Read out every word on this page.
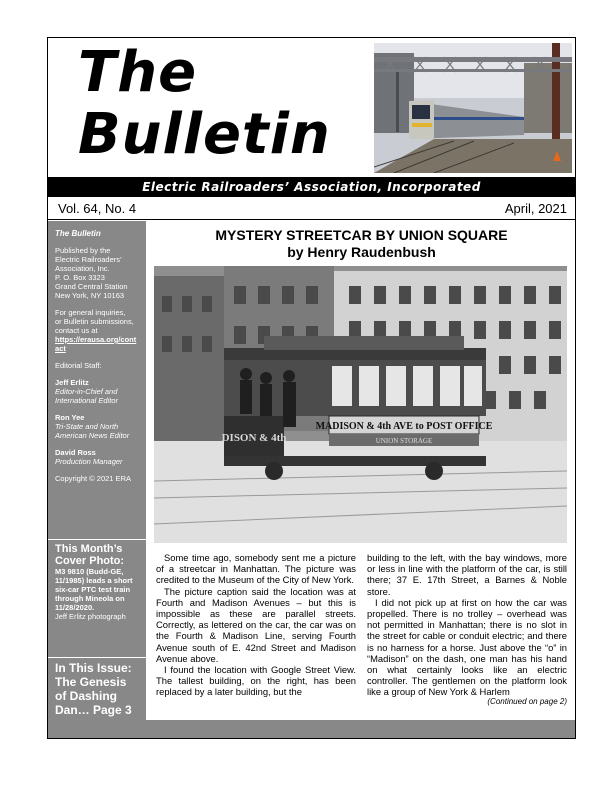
The
Bulletin
Electric Railroaders’ Association, Incorporated
Vol. 64, No. 4	April, 2021
The Bulletin
Published by the
Electric Railroaders’
Association, Inc.
P. O. Box 3323
Grand Central Station
New York, NY 10163
For general inquiries,
or Bulletin submissions,
contact us at
https://erausa.org/contact
Editorial Staff:
Jeff Erlitz
Editor-in-Chief and International Editor
Ron Yee
Tri-State and North American News Editor
David Ross
Production Manager
Copyright © 2021 ERA
This Month’s Cover Photo:
M3 9810 (Budd-GE, 11/1985) leads a short six-car PTC test train through Mineola on 11/28/2020.
Jeff Erlitz photograph
In This Issue:
The Genesis of Dashing Dan… Page 3
MYSTERY STREETCAR BY UNION SQUARE
by Henry Raudenbush
MADISON & 4th AVE to POST OFFICE
UNION STORAGE
DISON & 4th

Some time ago, somebody sent me a picture of a streetcar in Manhattan. The picture was credited to the Museum of the City of New York.

The picture caption said the location was at Fourth and Madison Avenues – but this is impossible as these are parallel streets. Correctly, as lettered on the car, the car was on the Fourth & Madison Line, serving Fourth Avenue south of E. 42nd Street and Madison Avenue above.

I found the location with Google Street View. The tallest building, on the right, has been replaced by a later building, but the

building to the left, with the bay windows, more or less in line with the platform of the car, is still there; 37 E. 17th Street, a Barnes & Noble store.

I did not pick up at first on how the car was propelled. There is no trolley – overhead was not permitted in Manhattan; there is no slot in the street for cable or conduit electric; and there is no harness for a horse. Just above the “o” in “Madison” on the dash, one man has his hand on what certainly looks like an electric controller. The gentlemen on the platform look like a group of New York & Harlem

(Continued on page 2)
